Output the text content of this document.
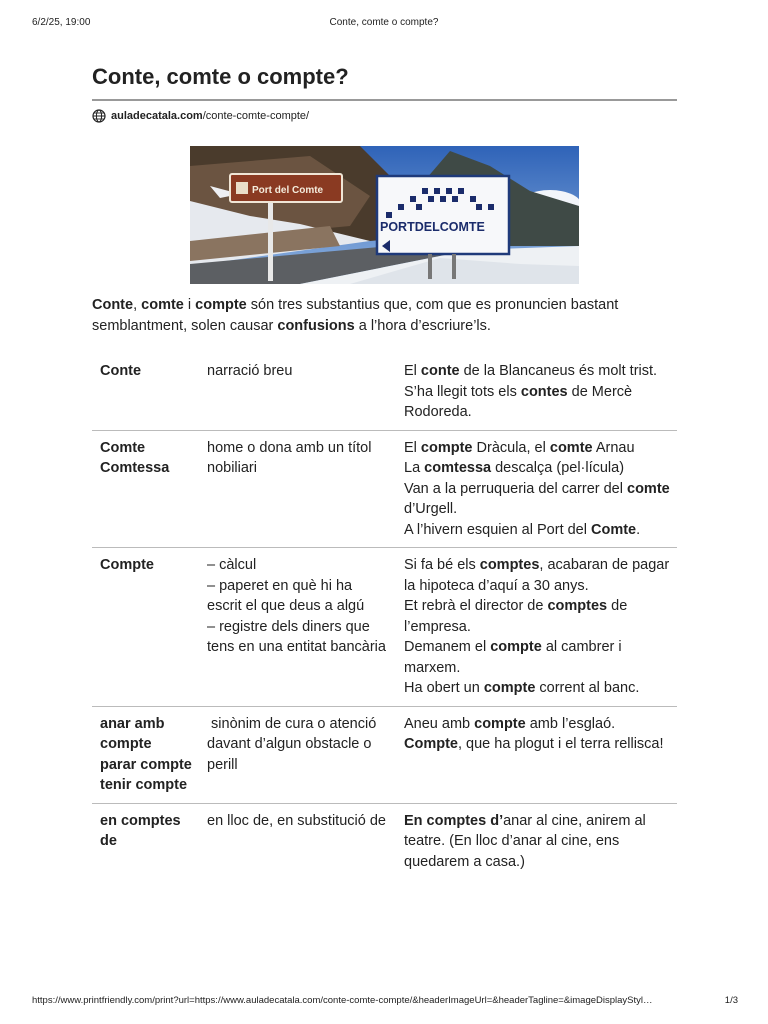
6/2/25, 19:00	Conte, comte o compte?
Conte, comte o compte?
auladecatala.com /conte-comte-compte/
Port del Comte
PORTDELCOMTE

Conte, comte i compte són tres substantius que, com que es pronuncien bastant semblantment, solen causar confusions a l’hora d’escriure’ls.

Conte	narració breu	El conte de la Blancaneus és molt trist.
S’ha llegit tots els contes de Mercè Rodoreda.

Comte
Comtessa	home o dona amb un títol nobiliari	El compte Dràcula, el comte Arnau
La comtessa descalça (pel·lícula)
Van a la perruqueria del carrer del comte d’Urgell.
A l’hivern esquien al Port del Comte.

Compte	– càlcul
– paperet en què hi ha escrit el que deus a algú
– registre dels diners que tens en una entitat bancària	Si fa bé els comptes, acabaran de pagar la hipoteca d’aquí a 30 anys.
Et rebrà el director de comptes de l’empresa.
Demanem el compte al cambrer i marxem.
Ha obert un compte corrent al banc.

anar amb compte
parar compte
tenir compte	sinònim de cura o atenció davant d’algun obstacle o perill	Aneu amb compte amb l’esglaó.
Compte, que ha plogut i el terra rellisca!

en comptes de	en lloc de, en substitució de	En comptes d’anar al cine, anirem al teatre. (En lloc d’anar al cine, ens quedarem a casa.)
https://www.printfriendly.com/print?url=https://www.auladecatala.com/conte-comte-compte/&headerImageUrl=&headerTagline=&imageDisplayStyl…	1/3
